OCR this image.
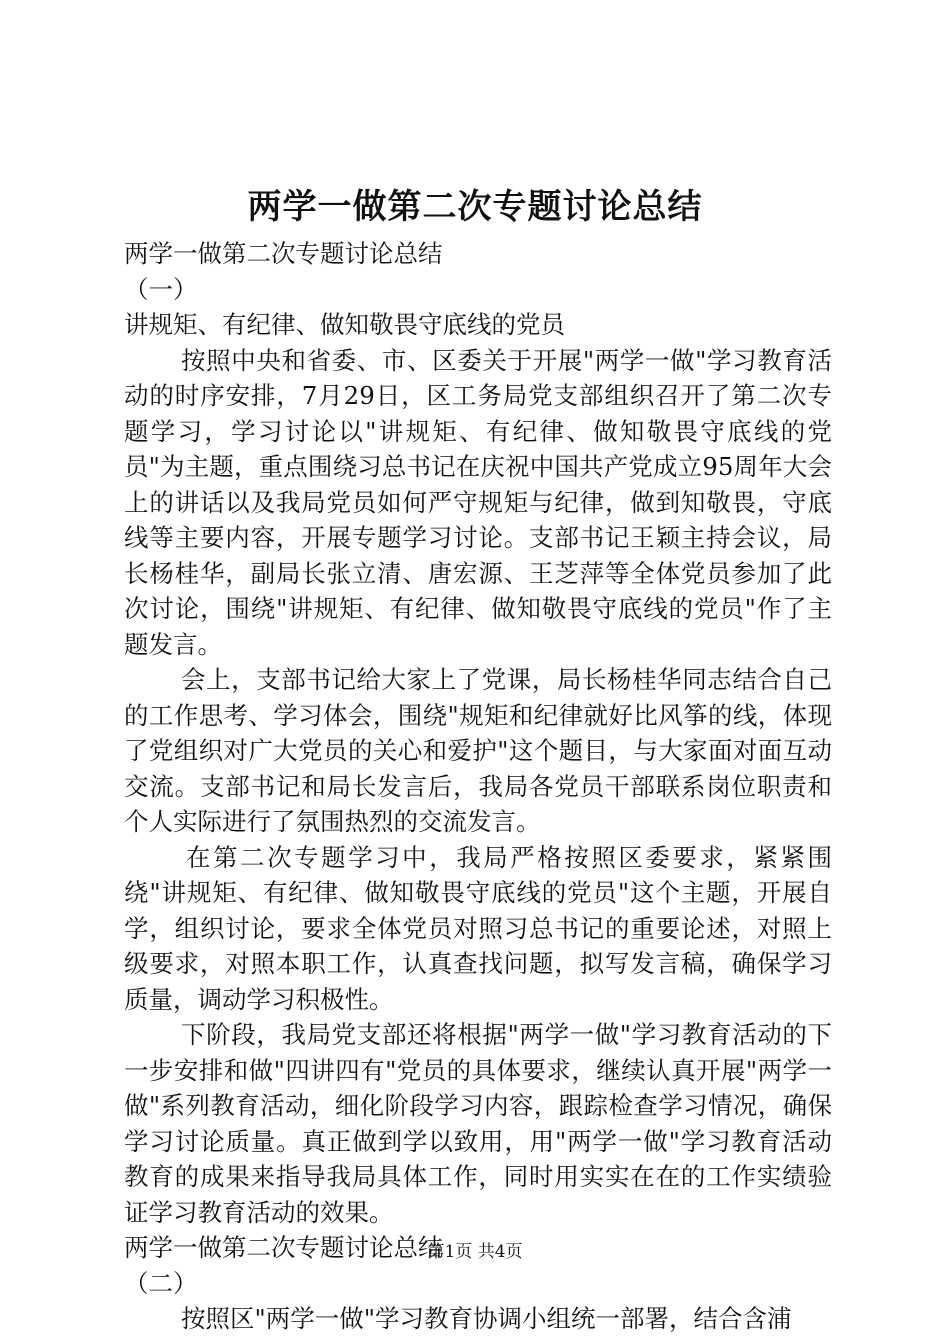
两学一做第二次专题讨论总结

两学一做第二次专题讨论总结

（一）

讲规矩、有纪律、做知敬畏守底线的党员

按照中央和省委、市、区委关于开展"两学一做"学习教育活动的时序安排，7月29日，区工务局党支部组织召开了第二次专题学习，学习讨论以"讲规矩、有纪律、做知敬畏守底线的党员"为主题，重点围绕习总书记在庆祝中国共产党成立95周年大会上的讲话以及我局党员如何严守规矩与纪律，做到知敬畏，守底线等主要内容，开展专题学习讨论。支部书记王颖主持会议，局长杨桂华，副局长张立清、唐宏源、王芝萍等全体党员参加了此次讨论，围绕"讲规矩、有纪律、做知敬畏守底线的党员"作了主题发言。

会上，支部书记给大家上了党课，局长杨桂华同志结合自己的工作思考、学习体会，围绕"规矩和纪律就好比风筝的线，体现了党组织对广大党员的关心和爱护"这个题目，与大家面对面互动交流。支部书记和局长发言后，我局各党员干部联系岗位职责和个人实际进行了氛围热烈的交流发言。

在第二次专题学习中，我局严格按照区委要求，紧紧围绕"讲规矩、有纪律、做知敬畏守底线的党员"这个主题，开展自学，组织讨论，要求全体党员对照习总书记的重要论述，对照上级要求，对照本职工作，认真查找问题，拟写发言稿，确保学习质量，调动学习积极性。

下阶段，我局党支部还将根据"两学一做"学习教育活动的下一步安排和做"四讲四有"党员的具体要求，继续认真开展"两学一做"系列教育活动，细化阶段学习内容，跟踪检查学习情况，确保学习讨论质量。真正做到学以致用，用"两学一做"学习教育活动教育的成果来指导我局具体工作，同时用实实在在的工作实绩验证学习教育活动的效果。

两学一做第二次专题讨论总结

（二）

按照区"两学一做"学习教育协调小组统一部署，结合含浦

第1页 共4页
